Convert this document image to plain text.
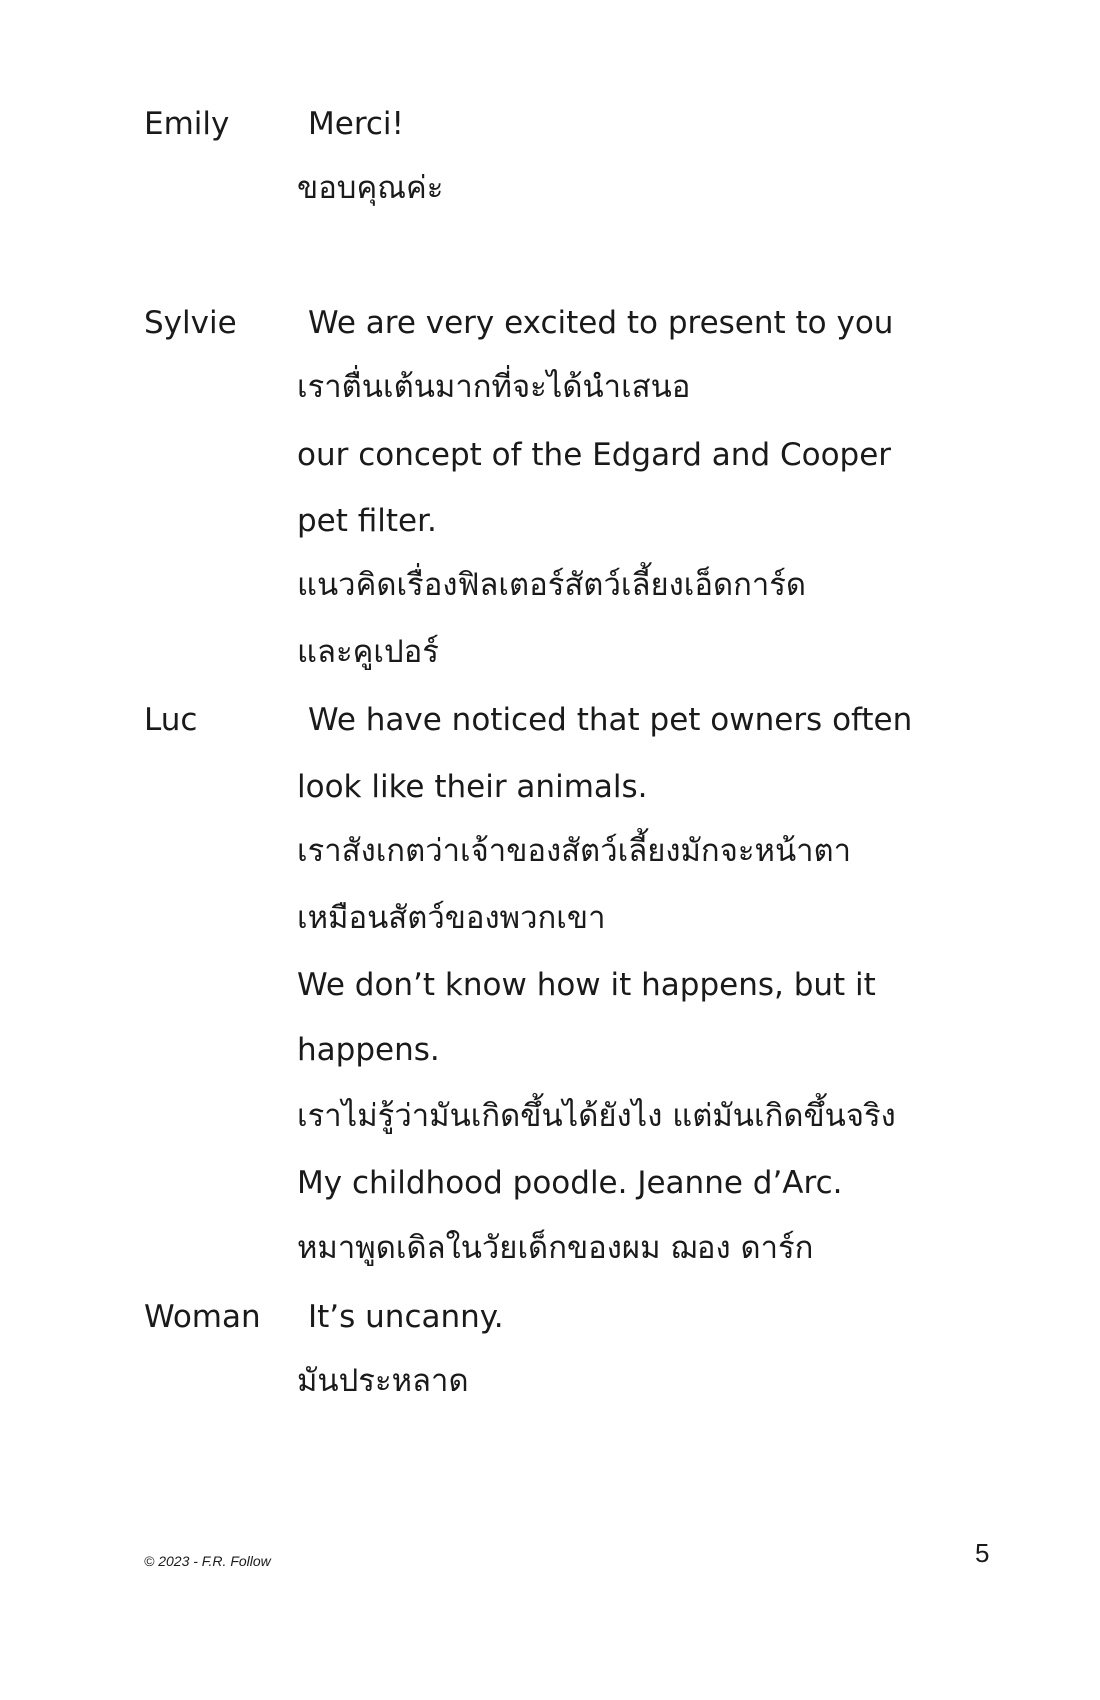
Emily	Merci!
ขอบคุณค่ะ
Sylvie We are very excited to present to you
เราตื่นเต้นมากที่จะได้นำเสนอ
our concept of the Edgard and Cooper
pet filter.
แนวคิดเรื่องฟิลเตอร์สัตว์เลี้ยงเอ็ดการ์ด
และคูเปอร์
Luc	We have noticed that pet owners often
look like their animals.
เราสังเกตว่าเจ้าของสัตว์เลี้ยงมักจะหน้าตา
เหมือนสัตว์ของพวกเขา
We don’t know how it happens, but it
happens.
เราไม่รู้ว่ามันเกิดขึ้นได้ยังไง แต่มันเกิดขึ้นจริง
My childhood poodle. Jeanne d’Arc.
หมาพูดเดิลในวัยเด็กของผม ฌอง ดาร์ก
Woman It’s uncanny.
มันประหลาด
© 2023 - F.R. Follow	5
